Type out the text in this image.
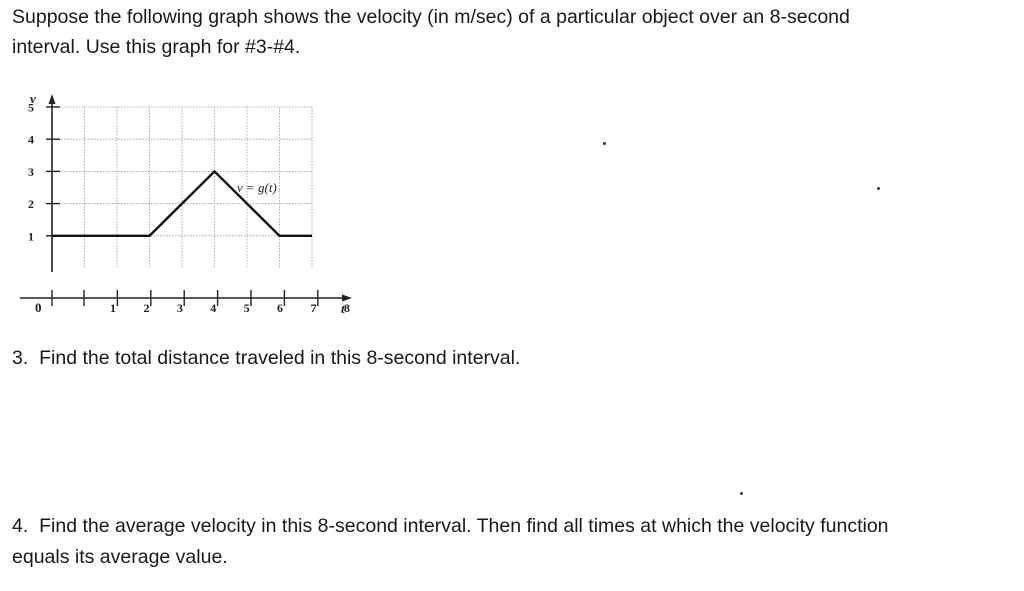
Suppose the following graph shows the velocity (in m/sec) of a particular object over an 8-second
interval. Use this graph for #3-#4.
1
2
3
4
5
1 2 3 4 5 6 7 8
v
t
0
v = g(t)
3. Find the total distance traveled in this 8-second interval.
4. Find the average velocity in this 8-second interval. Then find all times at which the velocity function
equals its average value.
